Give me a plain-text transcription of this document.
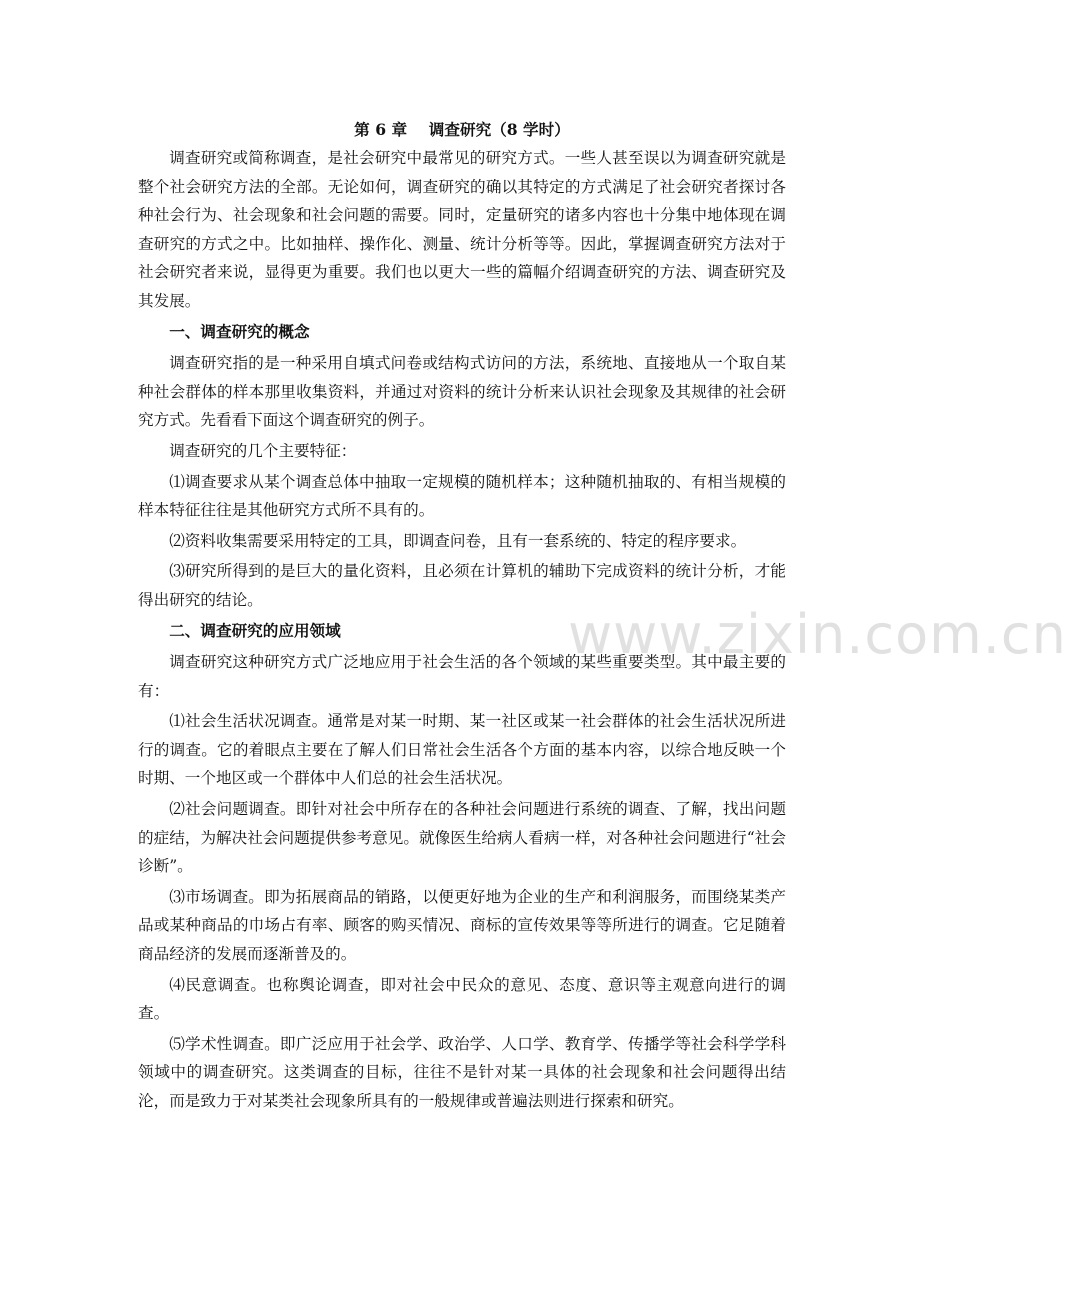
第 6 章    调查研究（8 学时）

调查研究或简称调查，是社会研究中最常见的研究方式。一些人甚至误以为调查研究就是整个社会研究方法的全部。无论如何，调查研究的确以其特定的方式满足了社会研究者探讨各种社会行为、社会现象和社会问题的需要。同时，定量研究的诸多内容也十分集中地体现在调查研究的方式之中。比如抽样、操作化、测量、统计分析等等。因此，掌握调查研究方法对于社会研究者来说，显得更为重要。我们也以更大一些的篇幅介绍调查研究的方法、调查研究及其发展。

一、调查研究的概念

调查研究指的是一种采用自填式问卷或结构式访问的方法，系统地、直接地从一个取自某种社会群体的样本那里收集资料，并通过对资料的统计分析来认识社会现象及其规律的社会研究方式。先看看下面这个调查研究的例子。

调查研究的几个主要特征：

⑴调查要求从某个调查总体中抽取一定规模的随机样本；这种随机抽取的、有相当规模的样本特征往往是其他研究方式所不具有的。

⑵资料收集需要采用特定的工具，即调查问卷，且有一套系统的、特定的程序要求。

⑶研究所得到的是巨大的量化资料，且必须在计算机的辅助下完成资料的统计分析，才能得出研究的结论。

二、调查研究的应用领域

调查研究这种研究方式广泛地应用于社会生活的各个领域的某些重要类型。其中最主要的有：

⑴社会生活状况调查。通常是对某一时期、某一社区或某一社会群体的社会生活状况所进行的调查。它的着眼点主要在了解人们日常社会生活各个方面的基本内容，以综合地反映一个时期、一个地区或一个群体中人们总的社会生活状况。

⑵社会问题调查。即针对社会中所存在的各种社会问题进行系统的调查、了解，找出问题的症结，为解决社会问题提供参考意见。就像医生给病人看病一样，对各种社会问题进行“社会诊断”。

⑶市场调查。即为拓展商品的销路，以便更好地为企业的生产和利润服务，而围绕某类产品或某种商品的巾场占有率、顾客的购买情况、商标的宣传效果等等所进行的调查。它足随着商品经济的发展而逐渐普及的。

⑷民意调查。也称舆论调查，即对社会中民众的意见、态度、意识等主观意向进行的调查。

⑸学术性调查。即广泛应用于社会学、政治学、人口学、教育学、传播学等社会科学学科领域中的调查研究。这类调查的目标，往往不是针对某一具体的社会现象和社会问题得出结沦，而是致力于对某类社会现象所具有的一般规律或普遍法则进行探索和研究。

www.zixin.com.cn
